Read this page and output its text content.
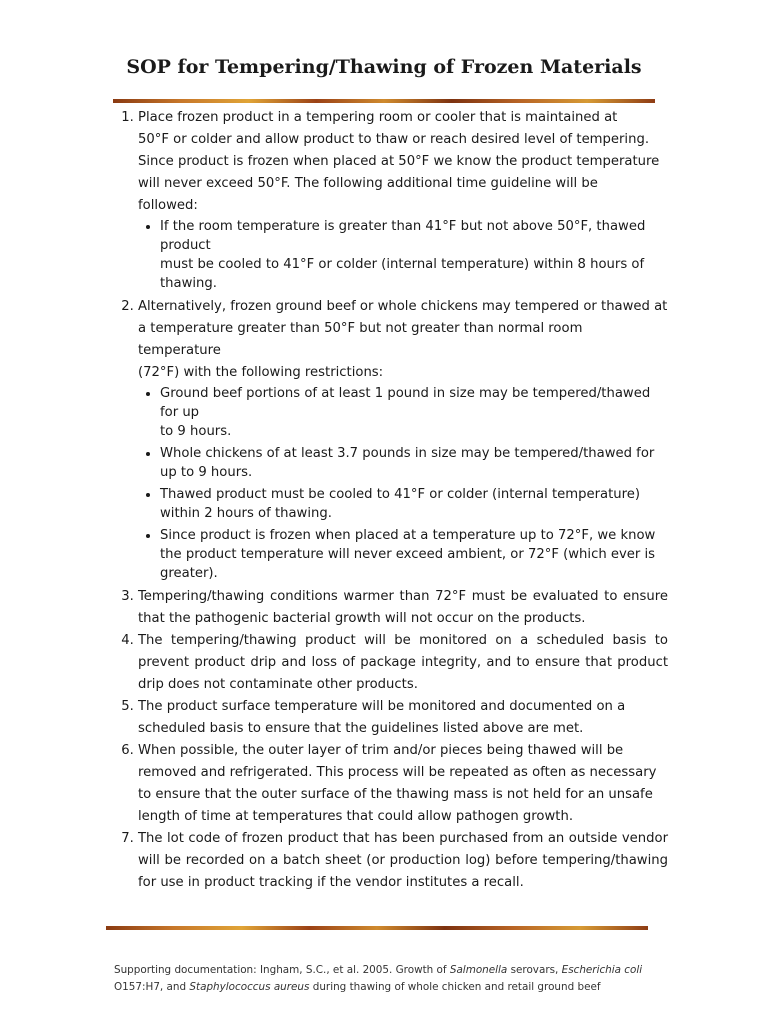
SOP for Tempering/Thawing of Frozen Materials
1. Place frozen product in a tempering room or cooler that is maintained at
50°F or colder and allow product to thaw or reach desired level of tempering.
Since product is frozen when placed at 50°F we know the product temperature
will never exceed 50°F. The following additional time guideline will be
followed:
• If the room temperature is greater than 41°F but not above 50°F, thawed product
must be cooled to 41°F or colder (internal temperature) within 8 hours of thawing.
2. Alternatively, frozen ground beef or whole chickens may tempered or thawed at
a temperature greater than 50°F but not greater than normal room temperature
(72°F) with the following restrictions:
• Ground beef portions of at least 1 pound in size may be tempered/thawed for up
to 9 hours.
• Whole chickens of at least 3.7 pounds in size may be tempered/thawed for up to 9 hours.
• Thawed product must be cooled to 41°F or colder (internal temperature) within 2 hours of thawing.
• Since product is frozen when placed at a temperature up to 72°F, we know the product temperature will never exceed ambient, or 72°F (which ever is greater).
3. Tempering/thawing conditions warmer than 72°F must be evaluated to ensure that the pathogenic bacterial growth will not occur on the products.
4. The tempering/thawing product will be monitored on a scheduled basis to prevent product drip and loss of package integrity, and to ensure that product drip does not contaminate other products.
5. The product surface temperature will be monitored and documented on a scheduled basis to ensure that the guidelines listed above are met.
6. When possible, the outer layer of trim and/or pieces being thawed will be removed and refrigerated. This process will be repeated as often as necessary to ensure that the outer surface of the thawing mass is not held for an unsafe length of time at temperatures that could allow pathogen growth.
7. The lot code of frozen product that has been purchased from an outside vendor will be recorded on a batch sheet (or production log) before tempering/thawing for use in product tracking if the vendor institutes a recall.
Supporting documentation: Ingham, S.C., et al. 2005. Growth of Salmonella serovars, Escherichia coli O157:H7, and Staphylococcus aureus during thawing of whole chicken and retail ground beef
